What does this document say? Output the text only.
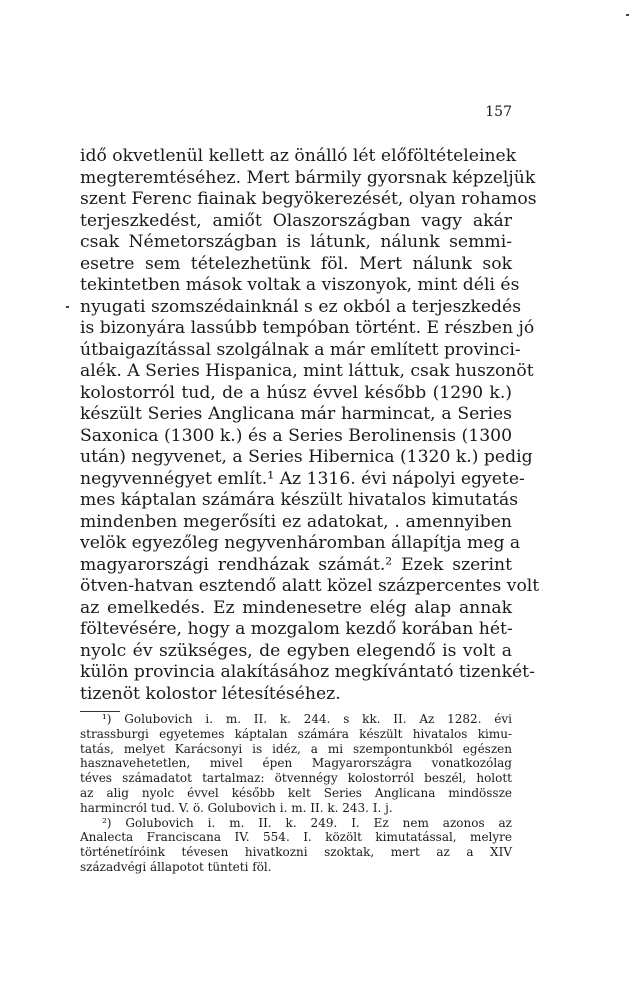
157
idő okvetlenül kellett az önálló lét előföltételeinek
megteremtéséhez. Mert bármily gyorsnak képzeljük
szent Ferenc fiainak begyökerezését, olyan rohamos
terjeszkedést, amiőt Olaszországban vagy akár
csak Németországban is látunk, nálunk semmi-
esetre sem tételezhetünk föl. Mert nálunk sok
tekintetben mások voltak a viszonyok, mint déli és
nyugati szomszédainknál s ez okból a terjeszkedés
is bizonyára lassúbb tempóban történt. E részben jó
útbaigazítással szolgálnak a már említett provinci-
alék. A Series Hispanica, mint láttuk, csak huszonöt
kolostorról tud, de a húsz évvel később (1290 k.)
készült Series Anglicana már harmincat, a Series
Saxonica (1300 k.) és a Series Berolinensis (1300
után) negyvenet, a Series Hibernica (1320 k.) pedig
negyvennégyet említ.¹ Az 1316. évi nápolyi egyete-
mes káptalan számára készült hivatalos kimutatás
mindenben megerősíti ez adatokat, . amennyiben
velök egyezőleg negyvenháromban állapítja meg a
magyarországi rendházak számát.² Ezek szerint
ötven-hatvan esztendő alatt közel százpercentes volt
az emelkedés. Ez mindenesetre elég alap annak
föltevésére, hogy a mozgalom kezdő korában hét-
nyolc év szükséges, de egyben elegendő is volt a
külön provincia alakításához megkívántató tizenkét-
tizenöt kolostor létesítéséhez.
¹) Golubovich i. m. II. k. 244. s kk. II. Az 1282. évi
strassburgi egyetemes káptalan számára készült hivatalos kimu-
tatás, melyet Karácsonyi is idéz, a mi szempontunkból egészen
hasznavehetetlen, mivel épen Magyarországra vonatkozólag
téves számadatot tartalmaz: ötvennégy kolostorról beszél, holott
az alig nyolc évvel később kelt Series Anglicana mindössze
harmincról tud. V. ö. Golubovich i. m. II. k. 243. I. j.
²) Golubovich i. m. II. k. 249. I. Ez nem azonos az
Analecta Franciscana IV. 554. I. közölt kimutatással, melyre
történetíróink tévesen hivatkozni szoktak, mert az a XIV
századvégi állapotot tünteti föl.
